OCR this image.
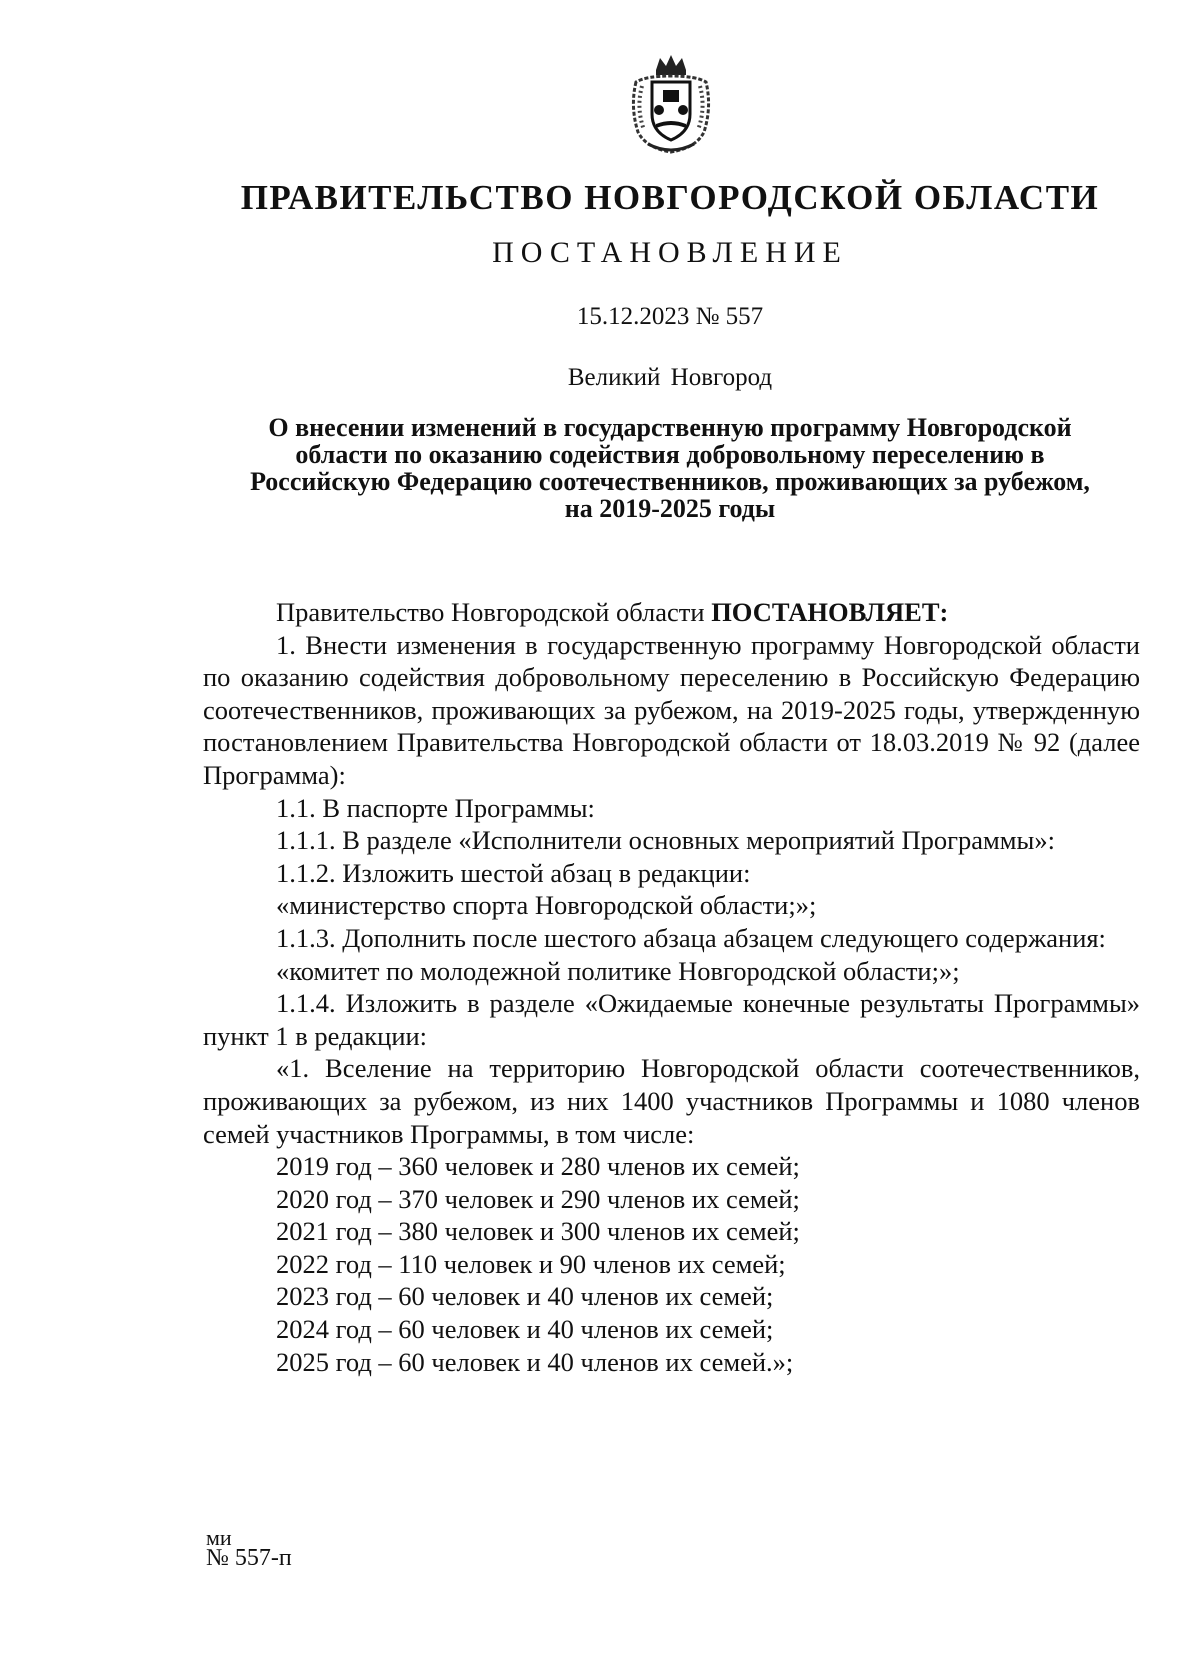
ПРАВИТЕЛЬСТВО НОВГОРОДСКОЙ ОБЛАСТИ
ПОСТАНОВЛЕНИЕ
15.12.2023 № 557
Великий Новгород
О внесении изменений в государственную программу Новгородской
области по оказанию содействия добровольному переселению в
Российскую Федерацию соотечественников, проживающих за рубежом,
на 2019-2025 годы

Правительство Новгородской области ПОСТАНОВЛЯЕТ:

1. Внести изменения в государственную программу Новгородской области по оказанию содействия добровольному переселению в Российскую Федерацию соотечественников, проживающих за рубежом, на 2019-2025 годы, утвержденную постановлением Правительства Новгородской области от 18.03.2019 № 92 (далее Программа):

1.1. В паспорте Программы:

1.1.1. В разделе «Исполнители основных мероприятий Программы»:

1.1.2. Изложить шестой абзац в редакции:

«министерство спорта Новгородской области;»;

1.1.3. Дополнить после шестого абзаца абзацем следующего содержания:

«комитет по молодежной политике Новгородской области;»;

1.1.4. Изложить в разделе «Ожидаемые конечные результаты Программы» пункт 1 в редакции:

«1. Вселение на территорию Новгородской области соотечественников, проживающих за рубежом, из них 1400 участников Программы и 1080 членов семей участников Программы, в том числе:

2019 год – 360 человек и 280 членов их семей;

2020 год – 370 человек и 290 членов их семей;

2021 год – 380 человек и 300 членов их семей;

2022 год – 110 человек и 90 членов их семей;

2023 год – 60 человек и 40 членов их семей;

2024 год – 60 человек и 40 членов их семей;

2025 год – 60 человек и 40 членов их семей.»;

ми
№ 557-п
